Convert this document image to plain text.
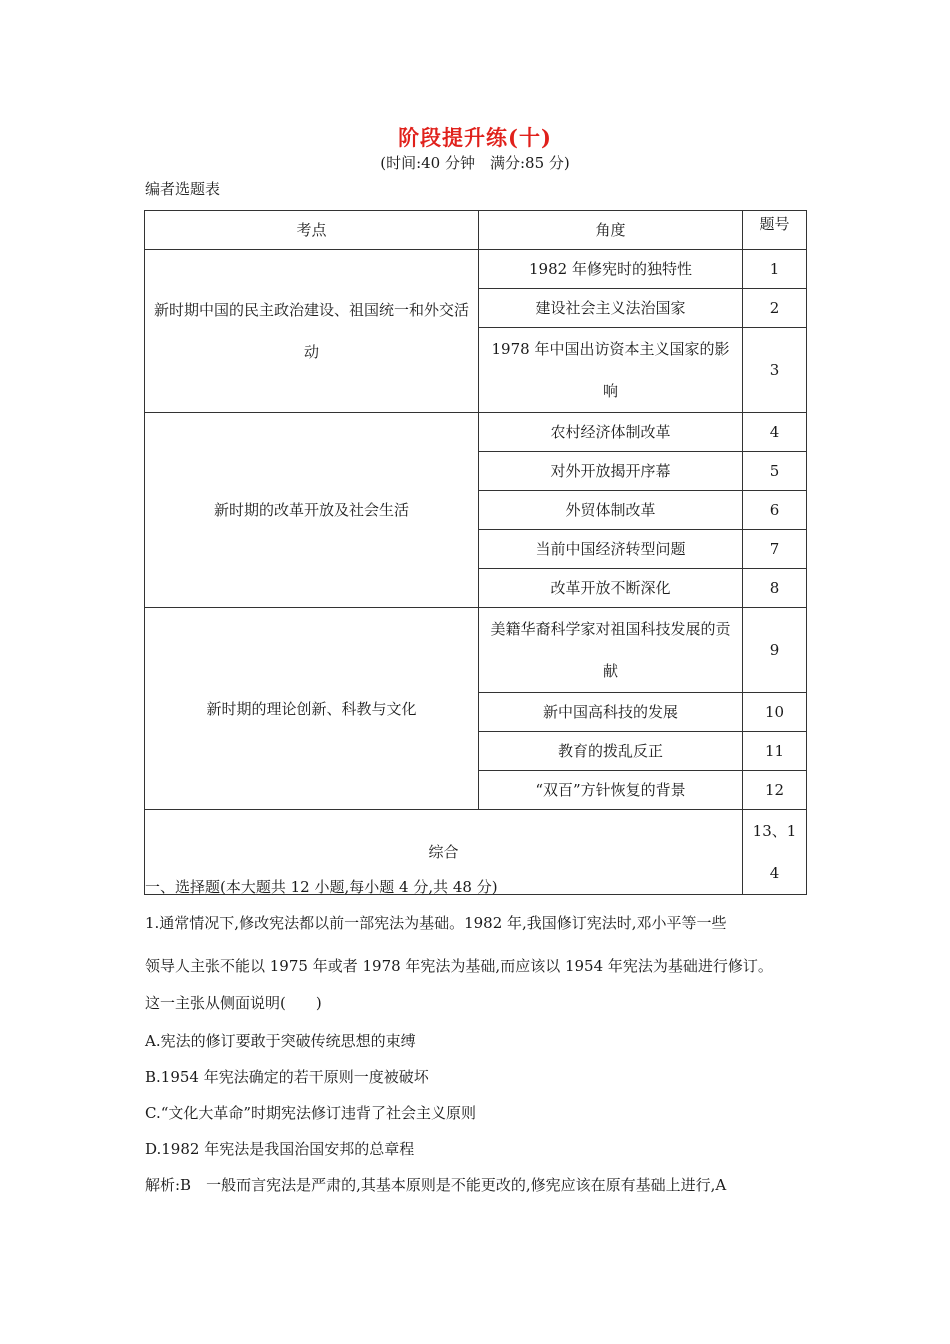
阶段提升练(十)
(时间:40 分钟　满分:85 分)
编者选题表
考点	角度	题号
新时期中国的民主政治建设、祖国统一和外交活动	1982 年修宪时的独特性	1
	建设社会主义法治国家	2
	1978 年中国出访资本主义国家的影响	3
新时期的改革开放及社会生活	农村经济体制改革	4
	对外开放揭开序幕	5
	外贸体制改革	6
	当前中国经济转型问题	7
	改革开放不断深化	8
新时期的理论创新、科教与文化	美籍华裔科学家对祖国科技发展的贡献	9
	新中国高科技的发展	10
	教育的拨乱反正	11
	“双百”方针恢复的背景	12
综合		13、14
一、选择题(本大题共 12 小题,每小题 4 分,共 48 分)
1.通常情况下,修改宪法都以前一部宪法为基础。1982 年,我国修订宪法时,邓小平等一些
领导人主张不能以 1975 年或者 1978 年宪法为基础,而应该以 1954 年宪法为基础进行修订。
这一主张从侧面说明(　　)
A.宪法的修订要敢于突破传统思想的束缚
B.1954 年宪法确定的若干原则一度被破坏
C.“文化大革命”时期宪法修订违背了社会主义原则
D.1982 年宪法是我国治国安邦的总章程
解析:B　一般而言宪法是严肃的,其基本原则是不能更改的,修宪应该在原有基础上进行,A
